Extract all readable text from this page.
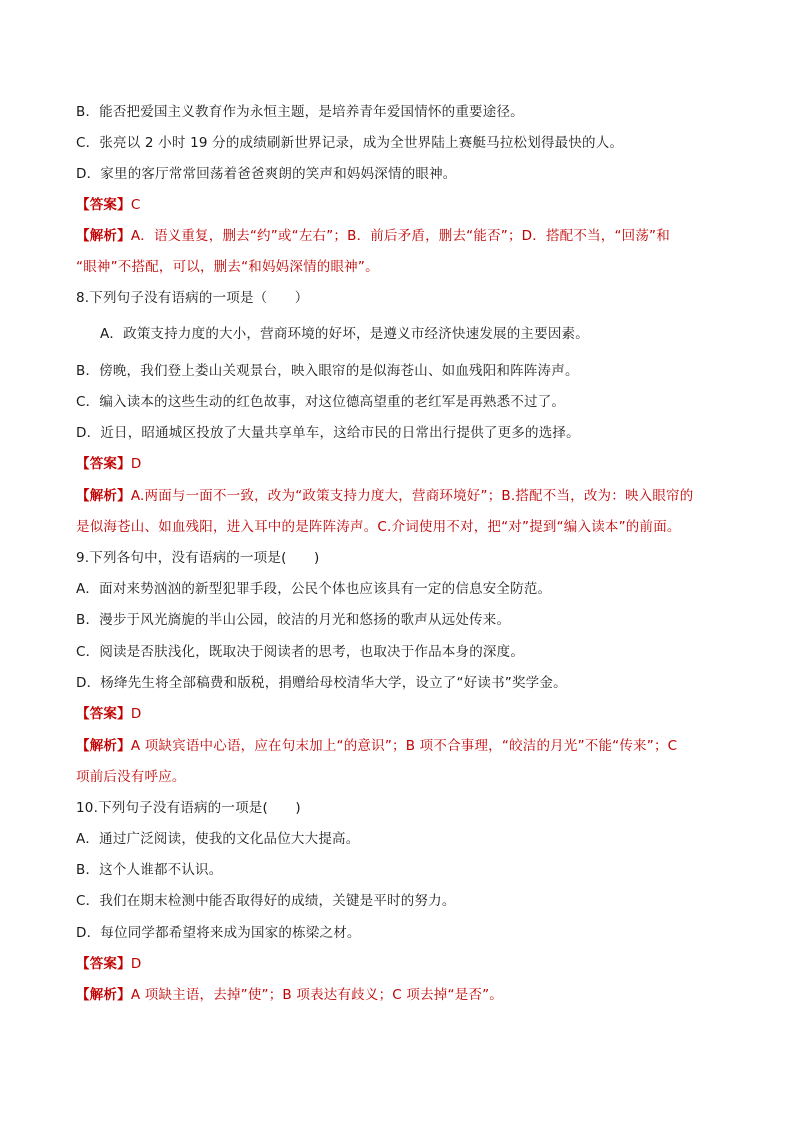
B．能否把爱国主义教育作为永恒主题，是培养青年爱国情怀的重要途径。
C．张亮以 2 小时 19 分的成绩刷新世界记录，成为全世界陆上赛艇马拉松划得最快的人。
D．家里的客厅常常回荡着爸爸爽朗的笑声和妈妈深情的眼神。
【答案】C
【解析】A．语义重复，删去“约”或“左右”；B．前后矛盾，删去“能否”；D．搭配不当，“回荡”和
“眼神”不搭配，可以，删去“和妈妈深情的眼神”。
8.下列句子没有语病的一项是（　　）
A．政策支持力度的大小，营商环境的好坏，是遵义市经济快速发展的主要因素。
B．傍晚，我们登上娄山关观景台，映入眼帘的是似海苍山、如血残阳和阵阵涛声。
C．编入读本的这些生动的红色故事，对这位德高望重的老红军是再熟悉不过了。
D．近日，昭通城区投放了大量共享单车，这给市民的日常出行提供了更多的选择。
【答案】D
【解析】A.两面与一面不一致，改为“政策支持力度大，营商环境好”；B.搭配不当，改为：映入眼帘的
是似海苍山、如血残阳，进入耳中的是阵阵涛声。C.介词使用不对，把“对”提到“编入读本”的前面。
9.下列各句中，没有语病的一项是(　　)
A．面对来势汹汹的新型犯罪手段，公民个体也应该具有一定的信息安全防范。
B．漫步于风光旖旎的半山公园，皎洁的月光和悠扬的歌声从远处传来。
C．阅读是否肤浅化，既取决于阅读者的思考，也取决于作品本身的深度。
D．杨绛先生将全部稿费和版税，捐赠给母校清华大学，设立了“好读书”奖学金。
【答案】D
【解析】A 项缺宾语中心语，应在句末加上“的意识”；B 项不合事理，“皎洁的月光”不能“传来”；C
项前后没有呼应。
10.下列句子没有语病的一项是(　　)
A．通过广泛阅读，使我的文化品位大大提高。
B．这个人谁都不认识。
C．我们在期末检测中能否取得好的成绩，关键是平时的努力。
D．每位同学都希望将来成为国家的栋梁之材。
【答案】D
【解析】A 项缺主语，去掉”使”；B 项表达有歧义；C 项去掉“是否”。
